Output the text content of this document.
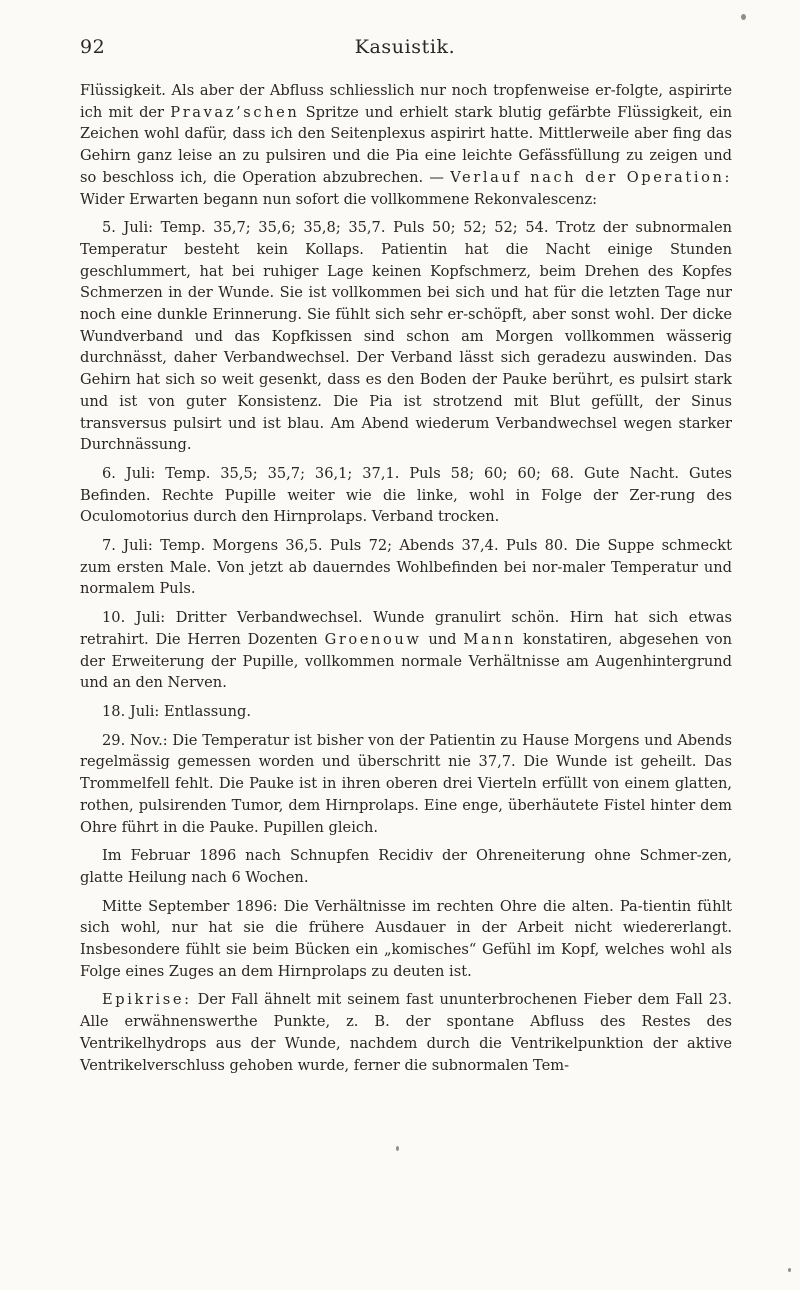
92	Kasuistik.

Flüssigkeit. Als aber der Abfluss schliesslich nur noch tropfenweise er-folgte, aspirirte ich mit der Pravaz’schen Spritze und erhielt stark blutig gefärbte Flüssigkeit, ein Zeichen wohl dafür, dass ich den Seitenplexus aspirirt hatte. Mittlerweile aber fing das Gehirn ganz leise an zu pulsiren und die Pia eine leichte Gefässfüllung zu zeigen und so beschloss ich, die Operation abzubrechen. — Verlauf nach der Operation: Wider Erwarten begann nun sofort die vollkommene Rekonvalescenz:

5. Juli: Temp. 35,7; 35,6; 35,8; 35,7. Puls 50; 52; 52; 54. Trotz der subnormalen Temperatur besteht kein Kollaps. Patientin hat die Nacht einige Stunden geschlummert, hat bei ruhiger Lage keinen Kopfschmerz, beim Drehen des Kopfes Schmerzen in der Wunde. Sie ist vollkommen bei sich und hat für die letzten Tage nur noch eine dunkle Erinnerung. Sie fühlt sich sehr er-schöpft, aber sonst wohl. Der dicke Wundverband und das Kopfkissen sind schon am Morgen vollkommen wässerig durchnässt, daher Verbandwechsel. Der Verband lässt sich geradezu auswinden. Das Gehirn hat sich so weit gesenkt, dass es den Boden der Pauke berührt, es pulsirt stark und ist von guter Konsistenz. Die Pia ist strotzend mit Blut gefüllt, der Sinus transversus pulsirt und ist blau. Am Abend wiederum Verbandwechsel wegen starker Durchnässung.

6. Juli: Temp. 35,5; 35,7; 36,1; 37,1. Puls 58; 60; 60; 68. Gute Nacht. Gutes Befinden. Rechte Pupille weiter wie die linke, wohl in Folge der Zer-rung des Oculomotorius durch den Hirnprolaps. Verband trocken.

7. Juli: Temp. Morgens 36,5. Puls 72; Abends 37,4. Puls 80. Die Suppe schmeckt zum ersten Male. Von jetzt ab dauerndes Wohlbefinden bei nor-maler Temperatur und normalem Puls.

10. Juli: Dritter Verbandwechsel. Wunde granulirt schön. Hirn hat sich etwas retrahirt. Die Herren Dozenten Groenouw und Mann konstatiren, abgesehen von der Erweiterung der Pupille, vollkommen normale Verhältnisse am Augenhintergrund und an den Nerven.

18. Juli: Entlassung.

29. Nov.: Die Temperatur ist bisher von der Patientin zu Hause Morgens und Abends regelmässig gemessen worden und überschritt nie 37,7. Die Wunde ist geheilt. Das Trommelfell fehlt. Die Pauke ist in ihren oberen drei Vierteln erfüllt von einem glatten, rothen, pulsirenden Tumor, dem Hirnprolaps. Eine enge, überhäutete Fistel hinter dem Ohre führt in die Pauke. Pupillen gleich.

Im Februar 1896 nach Schnupfen Recidiv der Ohreneiterung ohne Schmer-zen, glatte Heilung nach 6 Wochen.

Mitte September 1896: Die Verhältnisse im rechten Ohre die alten. Pa-tientin fühlt sich wohl, nur hat sie die frühere Ausdauer in der Arbeit nicht wiedererlangt. Insbesondere fühlt sie beim Bücken ein „komisches“ Gefühl im Kopf, welches wohl als Folge eines Zuges an dem Hirnprolaps zu deuten ist.

Epikrise: Der Fall ähnelt mit seinem fast ununterbrochenen Fieber dem Fall 23. Alle erwähnenswerthe Punkte, z. B. der spontane Abfluss des Restes des Ventrikelhydrops aus der Wunde, nachdem durch die Ventrikelpunktion der aktive Ventrikelverschluss gehoben wurde, ferner die subnormalen Tem-
